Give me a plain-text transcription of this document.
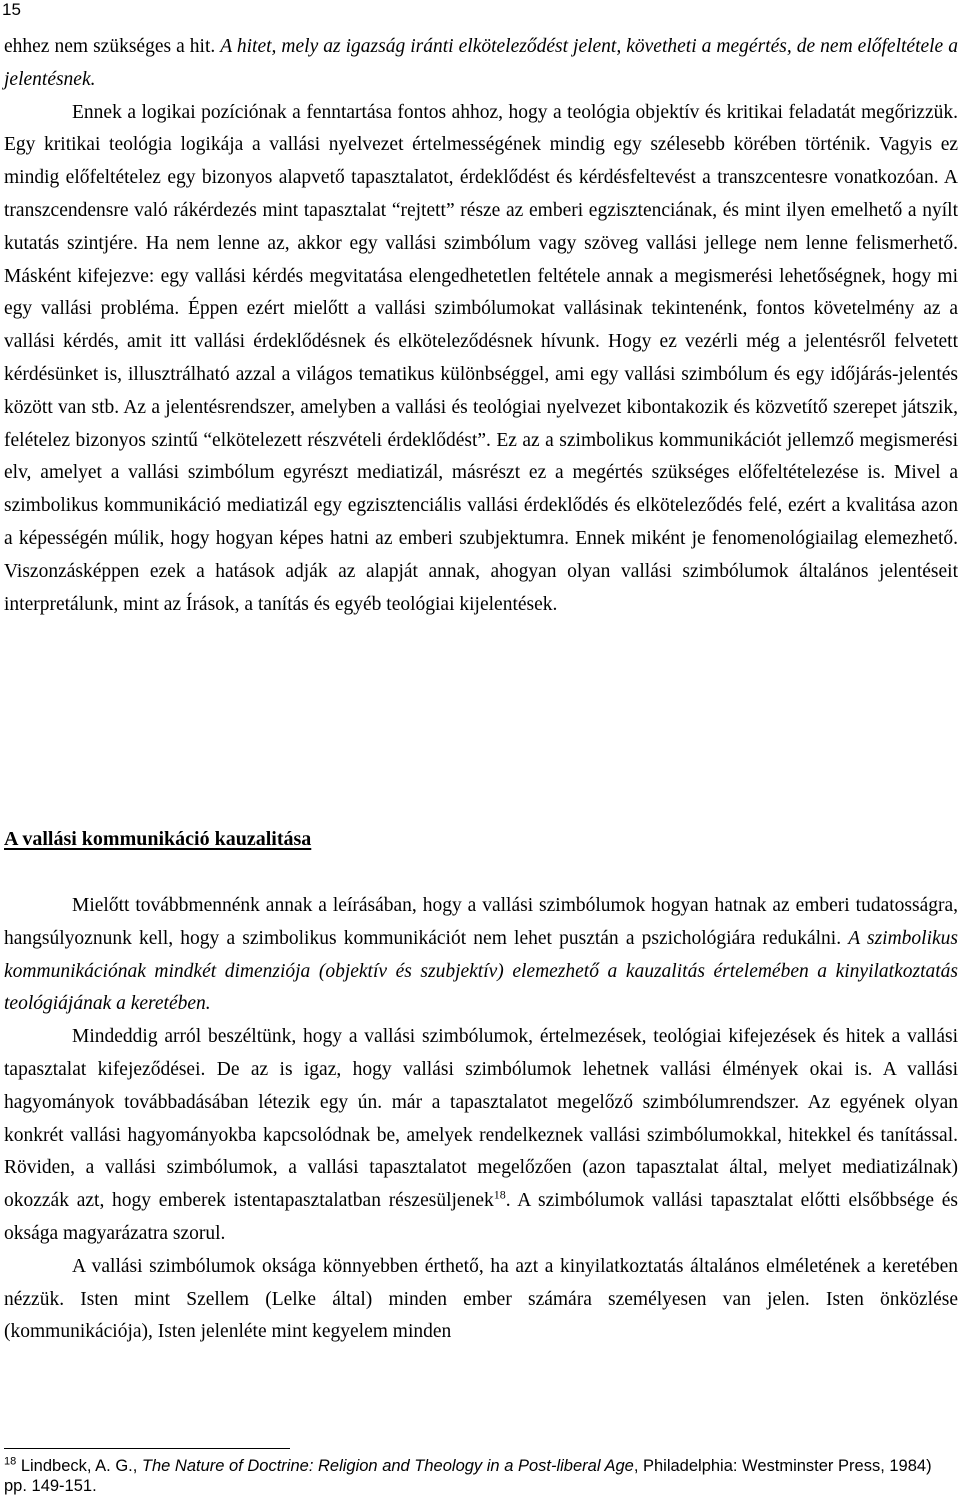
15

ehhez nem szükséges a hit. A hitet, mely az igazság iránti elköteleződést jelent, követheti a megértés, de nem előfeltétele a jelentésnek.

Ennek a logikai pozíciónak a fenntartása fontos ahhoz, hogy a teológia objektív és kritikai feladatát megőrizzük. Egy kritikai teológia logikája a vallási nyelvezet értelmességének mindig egy szélesebb körében történik. Vagyis ez mindig előfeltételez egy bizonyos alapvető tapasztalatot, érdeklődést és kérdésfeltevést a transzcentesre vonatkozóan. A transzcendensre való rákérdezés mint tapasztalat “rejtett” része az emberi egzisztenciának, és mint ilyen emelhető a nyílt kutatás szintjére. Ha nem lenne az, akkor egy vallási szimbólum vagy szöveg vallási jellege nem lenne felismerhető. Másként kifejezve: egy vallási kérdés megvitatása elengedhetetlen feltétele annak a megismerési lehetőségnek, hogy mi egy vallási probléma. Éppen ezért mielőtt a vallási szimbólumokat vallásinak tekintenénk, fontos követelmény az a vallási kérdés, amit itt vallási érdeklődésnek és elköteleződésnek hívunk. Hogy ez vezérli még a jelentésről felvetett kérdésünket is, illusztrálható azzal a világos tematikus különbséggel, ami egy vallási szimbólum és egy időjárás-jelentés között van stb. Az a jelentésrendszer, amelyben a vallási és teológiai nyelvezet kibontakozik és közvetítő szerepet játszik, felételez bizonyos szintű “elkötelezett részvételi érdeklődést”. Ez az a szimbolikus kommunikációt jellemző megismerési elv, amelyet a vallási szimbólum egyrészt mediatizál, másrészt ez a megértés szükséges előfeltételezése is. Mivel a szimbolikus kommunikáció mediatizál egy egzisztenciális vallási érdeklődés és elköteleződés felé, ezért a kvalitása azon a képességén múlik, hogy hogyan képes hatni az emberi szubjektumra. Ennek miként je fenomenológiailag elemezhető. Viszonzásképpen ezek a hatások adják az alapját annak, ahogyan olyan vallási szimbólumok általános jelentéseit interpretálunk, mint az Írások, a tanítás és egyéb teológiai kijelentések.

A vallási kommunikáció kauzalitása

Mielőtt továbbmennénk annak a leírásában, hogy a vallási szimbólumok hogyan hatnak az emberi tudatosságra, hangsúlyoznunk kell, hogy a szimbolikus kommunikációt nem lehet pusztán a pszichológiára redukálni. A szimbolikus kommunikációnak mindkét dimenziója (objektív és szubjektív) elemezhető a kauzalitás értelemében a kinyilatkoztatás teológiájának a keretében.

Mindeddig arról beszéltünk, hogy a vallási szimbólumok, értelmezések, teológiai kifejezések és hitek a vallási tapasztalat kifejeződései. De az is igaz, hogy vallási szimbólumok lehetnek vallási élmények okai is. A vallási hagyományok továbbadásában létezik egy ún. már a tapasztalatot megelőző szimbólumrendszer. Az egyének olyan konkrét vallási hagyományokba kapcsolódnak be, amelyek rendelkeznek vallási szimbólumokkal, hitekkel és tanítással. Röviden, a vallási szimbólumok, a vallási tapasztalatot megelőzően (azon tapasztalat által, melyet mediatizálnak) okozzák azt, hogy emberek istentapasztalatban részesüljenek$^{18}$. A szimbólumok vallási tapasztalat előtti elsőbbsége és oksága magyarázatra szorul.

A vallási szimbólumok oksága könnyebben érthető, ha azt a kinyilatkoztatás általános elméletének a keretében nézzük. Isten mint Szellem (Lelke által) minden ember számára személyesen van jelen. Isten önközlése (kommunikációja), Isten jelenléte mint kegyelem minden

$^{18}$ Lindbeck, A. G., The Nature of Doctrine: Religion and Theology in a Post-liberal Age, Philadelphia: Westminster Press, 1984) pp. 149-151.
